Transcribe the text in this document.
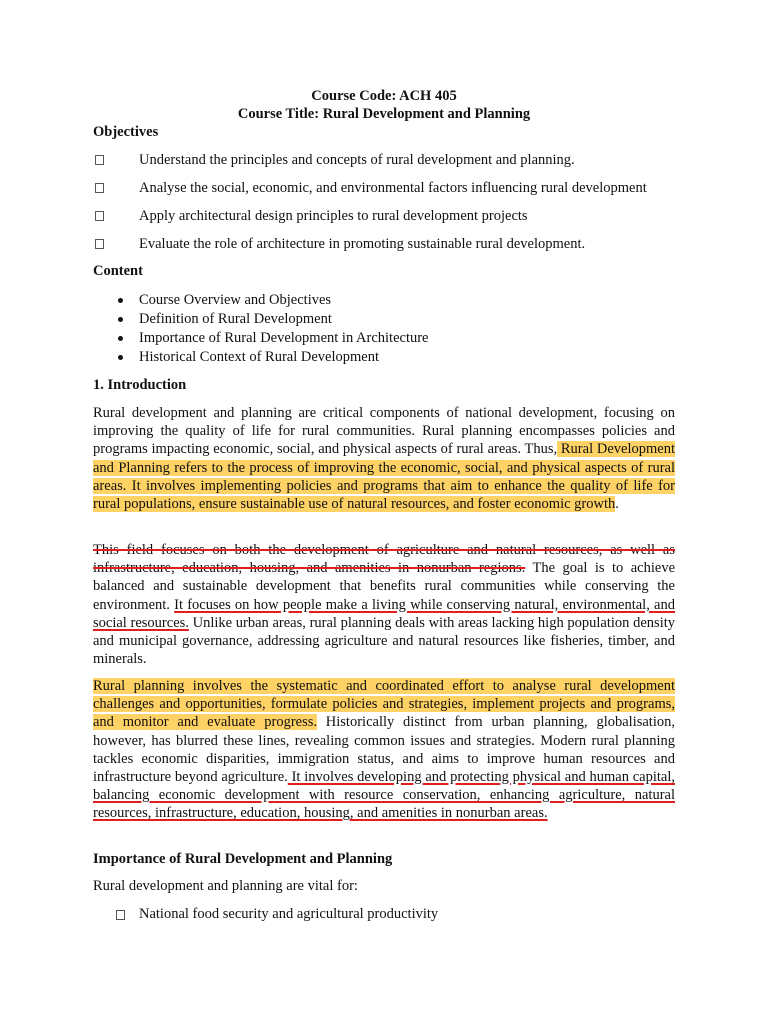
Course Code: ACH 405
Course Title: Rural Development and Planning
Objectives
Understand the principles and concepts of rural development and planning.
Analyse the social, economic, and environmental factors influencing rural development
Apply architectural design principles to rural development projects
Evaluate the role of architecture in promoting sustainable rural development.
Content
Course Overview and Objectives
Definition of Rural Development
Importance of Rural Development in Architecture
Historical Context of Rural Development
1. Introduction
Rural development and planning are critical components of national development, focusing on improving the quality of life for rural communities. Rural planning encompasses policies and programs impacting economic, social, and physical aspects of rural areas. Thus, Rural Development and Planning refers to the process of improving the economic, social, and physical aspects of rural areas. It involves implementing policies and programs that aim to enhance the quality of life for rural populations, ensure sustainable use of natural resources, and foster economic growth.
This field focuses on both the development of agriculture and natural resources, as well as infrastructure, education, housing, and amenities in nonurban regions. The goal is to achieve balanced and sustainable development that benefits rural communities while conserving the environment. It focuses on how people make a living while conserving natural, environmental, and social resources. Unlike urban areas, rural planning deals with areas lacking high population density and municipal governance, addressing agriculture and natural resources like fisheries, timber, and minerals.
Rural planning involves the systematic and coordinated effort to analyse rural development challenges and opportunities, formulate policies and strategies, implement projects and programs, and monitor and evaluate progress. Historically distinct from urban planning, globalisation, however, has blurred these lines, revealing common issues and strategies. Modern rural planning tackles economic disparities, immigration status, and aims to improve human resources and infrastructure beyond agriculture. It involves developing and protecting physical and human capital, balancing economic development with resource conservation, enhancing agriculture, natural resources, infrastructure, education, housing, and amenities in nonurban areas.
Importance of Rural Development and Planning
Rural development and planning are vital for:
National food security and agricultural productivity
